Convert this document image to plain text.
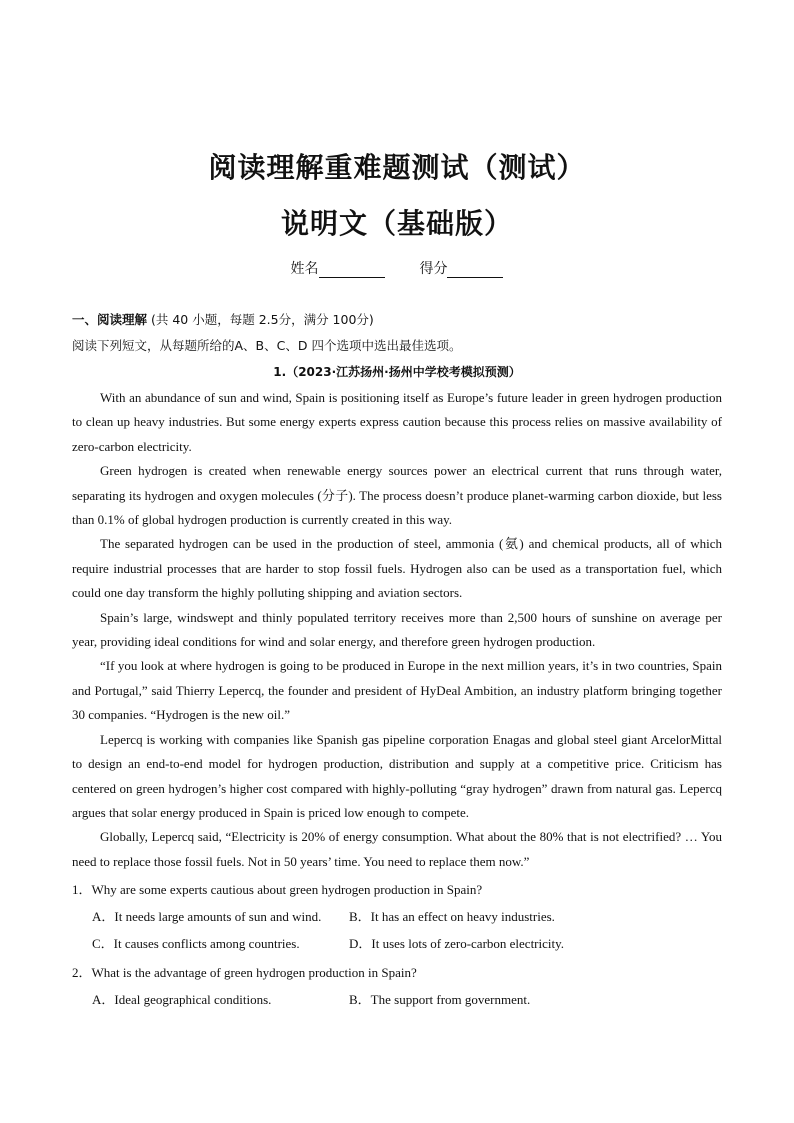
阅读理解重难题测试（测试）
说明文（基础版）
姓名	得分
一、阅读理解 (共 40 小题，每题 2.5分，满分 100分)
阅读下列短文，从每题所给的A、B、C、D 四个选项中选出最佳选项。
1.（2023·江苏扬州·扬州中学校考模拟预测）

With an abundance of sun and wind, Spain is positioning itself as Europe’s future leader in green hydrogen production to clean up heavy industries. But some energy experts express caution because this process relies on massive availability of zero-carbon electricity.

Green hydrogen is created when renewable energy sources power an electrical current that runs through water, separating its hydrogen and oxygen molecules (分子). The process doesn’t produce planet-warming carbon dioxide, but less than 0.1% of global hydrogen production is currently created in this way.

The separated hydrogen can be used in the production of steel, ammonia (氨) and chemical products, all of which require industrial processes that are harder to stop fossil fuels. Hydrogen also can be used as a transportation fuel, which could one day transform the highly polluting shipping and aviation sectors.

Spain’s large, windswept and thinly populated territory receives more than 2,500 hours of sunshine on average per year, providing ideal conditions for wind and solar energy, and therefore green hydrogen production.

“If you look at where hydrogen is going to be produced in Europe in the next million years, it’s in two countries, Spain and Portugal,” said Thierry Lepercq, the founder and president of HyDeal Ambition, an industry platform bringing together 30 companies. “Hydrogen is the new oil.”

Lepercq is working with companies like Spanish gas pipeline corporation Enagas and global steel giant ArcelorMittal to design an end-to-end model for hydrogen production, distribution and supply at a competitive price. Criticism has centered on green hydrogen’s higher cost compared with highly-polluting “gray hydrogen” drawn from natural gas. Lepercq argues that solar energy produced in Spain is priced low enough to compete.

Globally, Lepercq said, “Electricity is 20% of energy consumption. What about the 80% that is not electrified? … You need to replace those fossil fuels. Not in 50 years’ time. You need to replace them now.”

1．Why are some experts cautious about green hydrogen production in Spain?
A．It needs large amounts of sun and wind.	B．It has an effect on heavy industries.
C．It causes conflicts among countries.	D．It uses lots of zero-carbon electricity.
2．What is the advantage of green hydrogen production in Spain?
A．Ideal geographical conditions.	B．The support from government.
